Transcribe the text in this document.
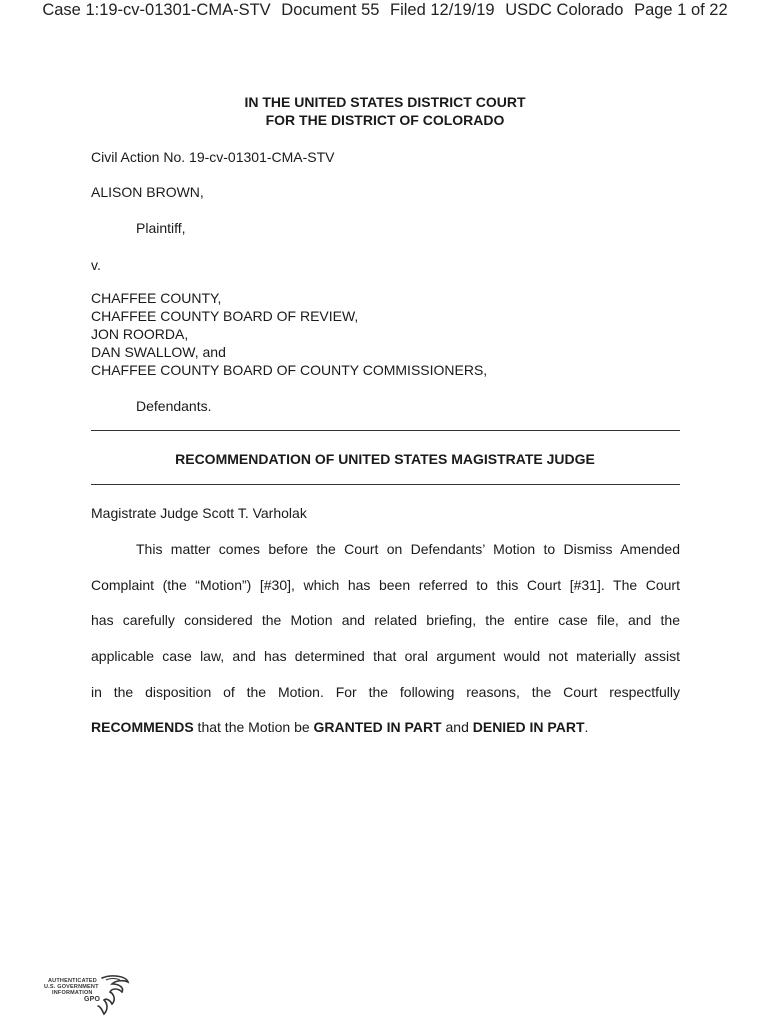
Case 1:19-cv-01301-CMA-STV Document 55 Filed 12/19/19 USDC Colorado Page 1 of 22
IN THE UNITED STATES DISTRICT COURT
FOR THE DISTRICT OF COLORADO
Civil Action No. 19-cv-01301-CMA-STV
ALISON BROWN,
Plaintiff,
v.
CHAFFEE COUNTY,
CHAFFEE COUNTY BOARD OF REVIEW,
JON ROORDA,
DAN SWALLOW, and
CHAFFEE COUNTY BOARD OF COUNTY COMMISSIONERS,
Defendants.
RECOMMENDATION OF UNITED STATES MAGISTRATE JUDGE
Magistrate Judge Scott T. Varholak
This matter comes before the Court on Defendants’ Motion to Dismiss Amended
Complaint (the “Motion”) [#30], which has been referred to this Court [#31]. The Court
has carefully considered the Motion and related briefing, the entire case file, and the
applicable case law, and has determined that oral argument would not materially assist
in the disposition of the Motion. For the following reasons, the Court respectfully
RECOMMENDS that the Motion be GRANTED IN PART and DENIED IN PART.
AUTHENTICATED
U.S. GOVERNMENT
INFORMATION
GPO
